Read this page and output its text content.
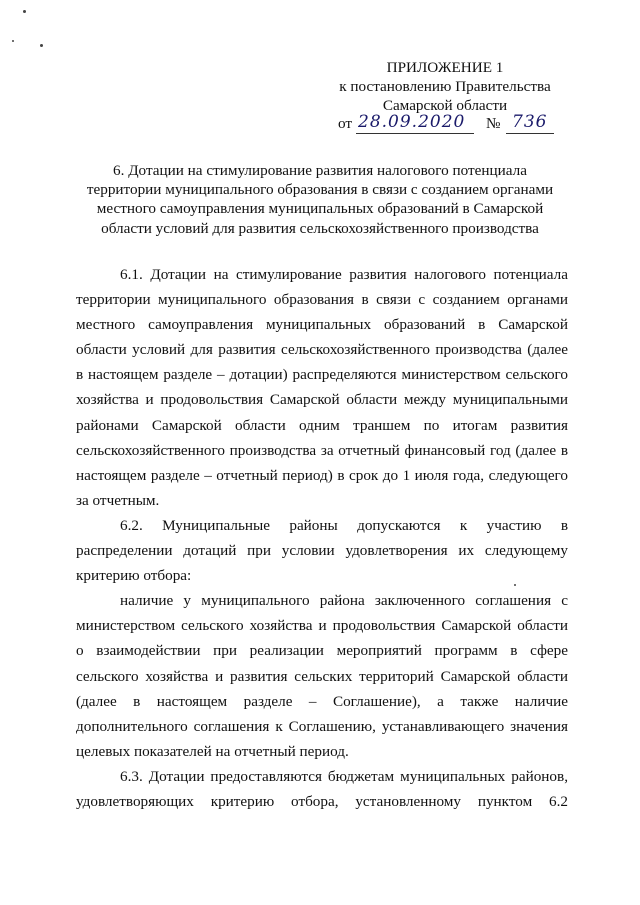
ПРИЛОЖЕНИЕ 1
к постановлению Правительства
Самарской области
от 28.09.2020 № 736
6. Дотации на стимулирование развития налогового потенциала
территории муниципального образования в связи с созданием органами
местного самоуправления муниципальных образований в Самарской
области условий для развития сельскохозяйственного производства
6.1. Дотации на стимулирование развития налогового потенциала
территории муниципального образования в связи с созданием органами
местного самоуправления муниципальных образований в Самарской
области условий для развития сельскохозяйственного производства (далее
в настоящем разделе – дотации) распределяются министерством сельского
хозяйства и продовольствия Самарской области между муниципальными
районами Самарской области одним траншем по итогам развития
сельскохозяйственного производства за отчетный финансовый год (далее в
настоящем разделе – отчетный период) в срок до 1 июля года, следующего
за отчетным.
6.2. Муниципальные районы допускаются к участию в
распределении дотаций при условии удовлетворения их следующему
критерию отбора:
наличие у муниципального района заключенного соглашения с
министерством сельского хозяйства и продовольствия Самарской области
о взаимодействии при реализации мероприятий программ в сфере
сельского хозяйства и развития сельских территорий Самарской области
(далее в настоящем разделе – Соглашение), а также наличие
дополнительного соглашения к Соглашению, устанавливающего значения
целевых показателей на отчетный период.
6.3. Дотации предоставляются бюджетам муниципальных районов,
удовлетворяющих критерию отбора, установленному пунктом 6.2
